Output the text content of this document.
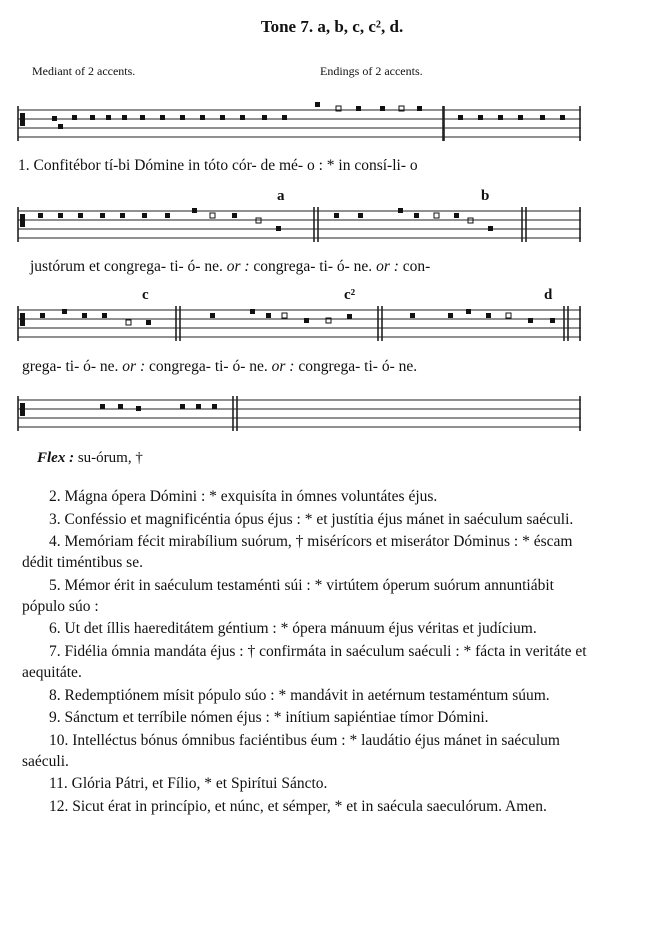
Tone 7. a, b, c, c², d.
Mediant of 2 accents.	Endings of 2 accents.
a	b
c	c²	d
1. Confitébor tí-bi Dómine in tóto cór- de mé- o : * in consí-li- o
justórum et congrega- ti- ó- ne. or : congrega- ti- ó- ne. or : con-
grega- ti- ó- ne. or : congrega- ti- ó- ne. or : congrega- ti- ó- ne.
Flex : su-órum, †

2. Mágna ópera Dómini : * exquisíta in ómnes voluntátes éjus.

3. Conféssio et magnificéntia ópus éjus : * et justítia éjus mánet in saéculum saéculi.

4. Memóriam fécit mirabílium suórum, † misérícors et miserátor Dóminus : * éscam dédit timéntibus se.

5. Mémor érit in saéculum testaménti súi : * virtútem óperum suórum annuntiábit pópulo súo :

6. Ut det íllis haereditátem géntium : * ópera mánuum éjus véritas et judícium.

7. Fidélia ómnia mandáta éjus : † confirmáta in saéculum saéculi : * fácta in veritáte et aequitáte.

8. Redemptiónem mísit pópulo súo : * mandávit in aetérnum testaméntum súum.

9. Sánctum et terríbile nómen éjus : * inítium sapiéntiae tímor Dómini.

10. Intelléctus bónus ómnibus faciéntibus éum : * laudátio éjus mánet in saéculum saéculi.

11. Glória Pátri, et Fílio, * et Spirítui Sáncto.

12. Sicut érat in princípio, et núnc, et sémper, * et in saécula saeculórum. Amen.
